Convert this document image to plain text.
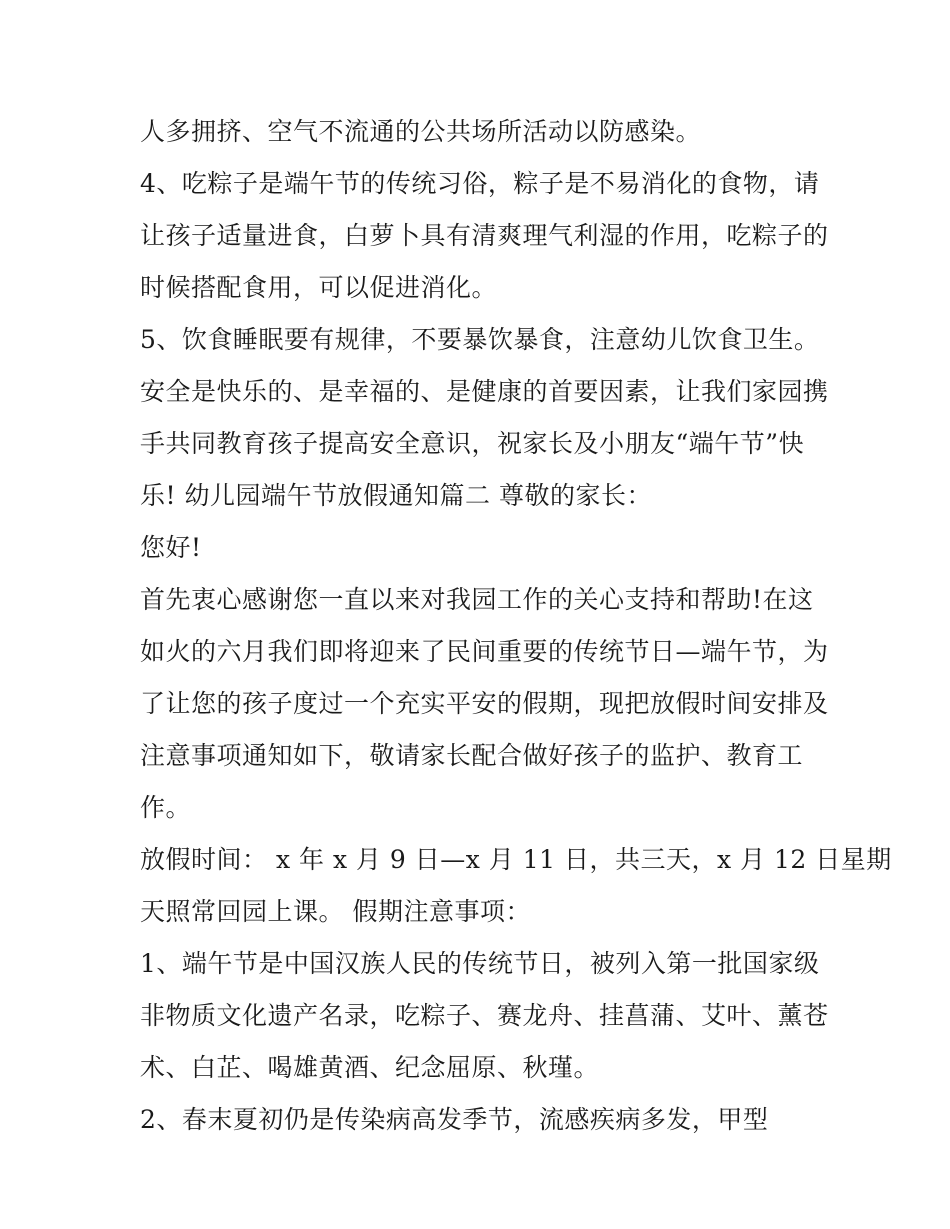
人多拥挤、空气不流通的公共场所活动以防感染。
4、吃粽子是端午节的传统习俗，粽子是不易消化的食物，请
让孩子适量进食，白萝卜具有清爽理气利湿的作用，吃粽子的
时候搭配食用，可以促进消化。
5、饮食睡眠要有规律，不要暴饮暴食，注意幼儿饮食卫生。
安全是快乐的、是幸福的、是健康的首要因素，让我们家园携
手共同教育孩子提高安全意识，祝家长及小朋友“端午节”快
乐! 幼儿园端午节放假通知篇二 尊敬的家长：
您好!
首先衷心感谢您一直以来对我园工作的关心支持和帮助!在这
如火的六月我们即将迎来了民间重要的传统节日—端午节，为
了让您的孩子度过一个充实平安的假期，现把放假时间安排及
注意事项通知如下，敬请家长配合做好孩子的监护、教育工
作。
放假时间： x 年 x 月 9 日—x 月 11 日，共三天，x 月 12 日星期
天照常回园上课。 假期注意事项：
1、端午节是中国汉族人民的传统节日，被列入第一批国家级
非物质文化遗产名录，吃粽子、赛龙舟、挂菖蒲、艾叶、薰苍
术、白芷、喝雄黄酒、纪念屈原、秋瑾。
2、春末夏初仍是传染病高发季节，流感疾病多发，甲型
